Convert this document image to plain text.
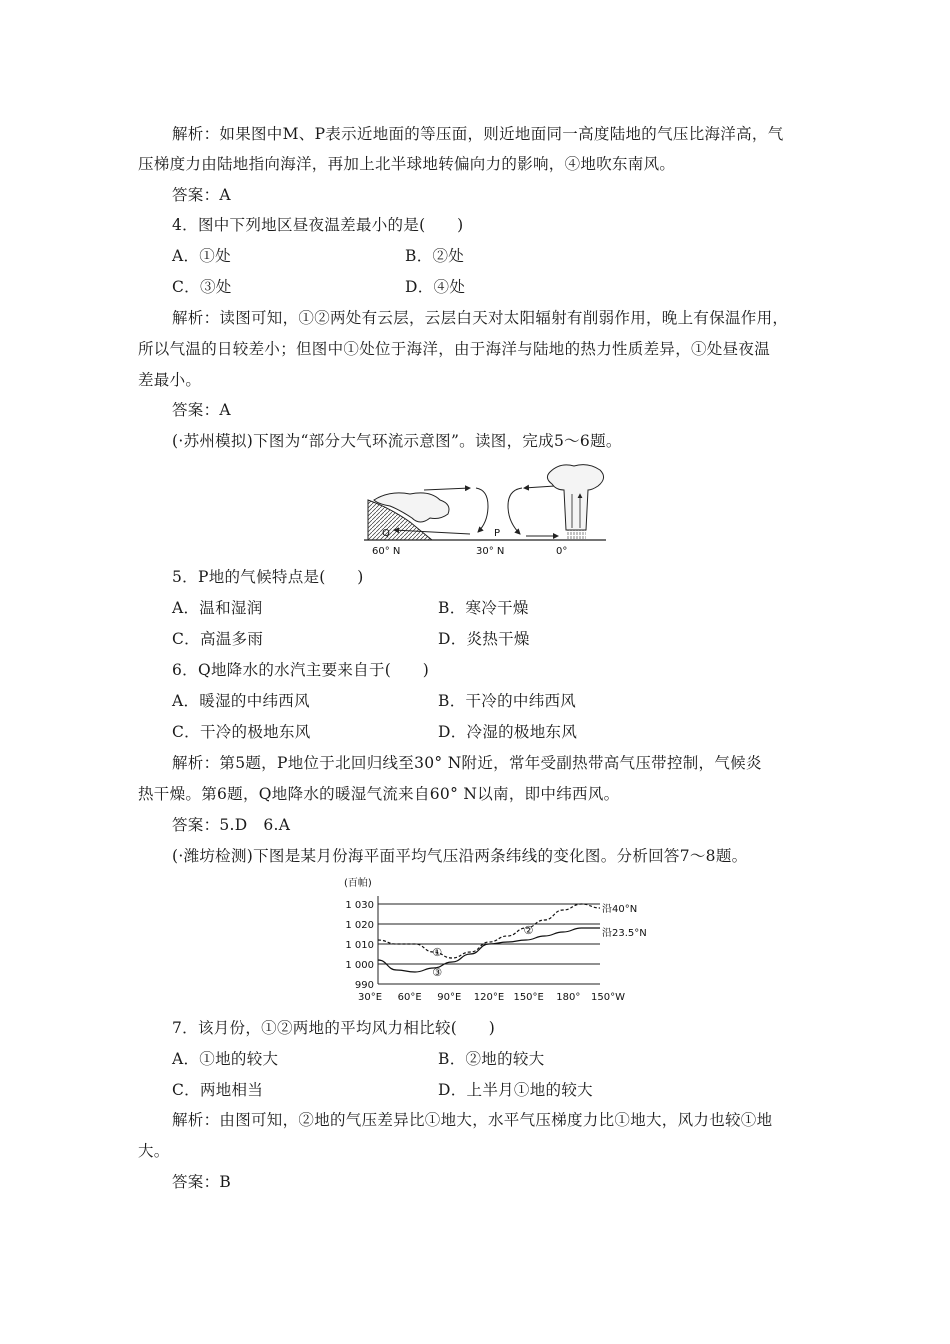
解析：如果图中M、P表示近地面的等压面，则近地面同一高度陆地的气压比海洋高，气
压梯度力由陆地指向海洋，再加上北半球地转偏向力的影响，④地吹东南风。
答案：A
4．图中下列地区昼夜温差最小的是(　　)
A．①处	B．②处
C．③处	D．④处
解析：读图可知，①②两处有云层，云层白天对太阳辐射有削弱作用，晚上有保温作用，
所以气温的日较差小；但图中①处位于海洋，由于海洋与陆地的热力性质差异，①处昼夜温
差最小。
答案：A
(·苏州模拟)下图为“部分大气环流示意图”。读图，完成5～6题。
Q	P
60° N	30° N	0°
5．P地的气候特点是(　　)
A．温和湿润	B．寒冷干燥
C．高温多雨	D．炎热干燥
6．Q地降水的水汽主要来自于(　　)
A．暖湿的中纬西风	B．干冷的中纬西风
C．干冷的极地东风	D．冷湿的极地东风
解析：第5题，P地位于北回归线至30° N附近，常年受副热带高气压带控制，气候炎
热干燥。第6题，Q地降水的暖湿气流来自60° N以南，即中纬西风。
答案：5.D　6.A
(·潍坊检测)下图是某月份海平面平均气压沿两条纬线的变化图。分析回答7～8题。
(百帕)
1 030
1 020
1 010
1 000
990
30°E 60°E 90°E 120°E 150°E 180° 150°W
①
②
③
沿40°N
沿23.5°N
7．该月份，①②两地的平均风力相比较(　　)
A．①地的较大	B．②地的较大
C．两地相当	D．上半月①地的较大
解析：由图可知，②地的气压差异比①地大，水平气压梯度力比①地大，风力也较①地
大。
答案：B
